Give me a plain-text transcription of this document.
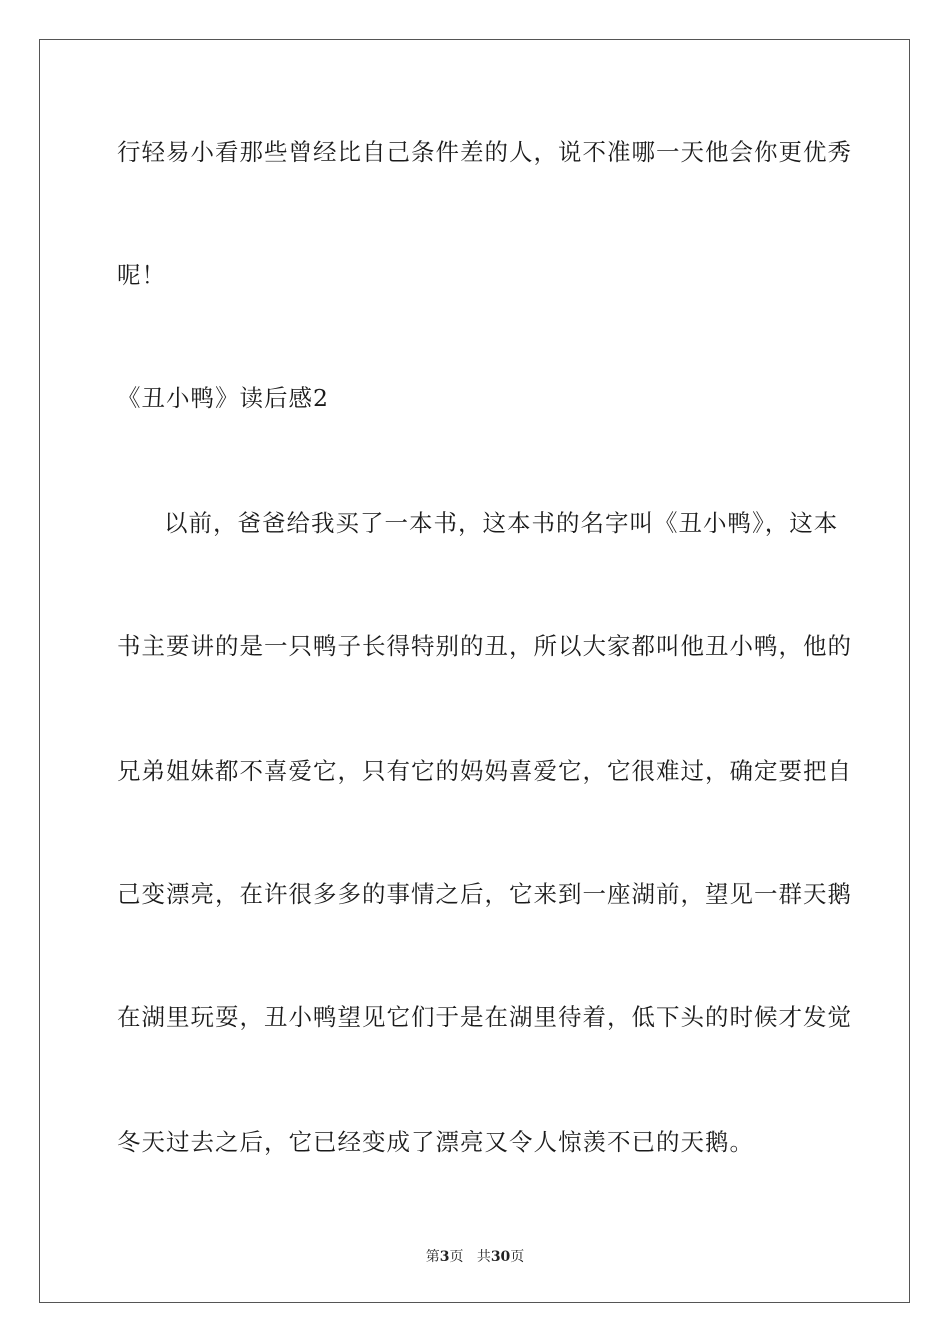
行轻易小看那些曾经比自己条件差的人，说不准哪一天他会你更优秀
呢！
《丑小鸭》读后感2
以前，爸爸给我买了一本书，这本书的名字叫《丑小鸭》，这本
书主要讲的是一只鸭子长得特别的丑，所以大家都叫他丑小鸭，他的
兄弟姐妹都不喜爱它，只有它的妈妈喜爱它，它很难过，确定要把自
己变漂亮，在许很多多的事情之后，它来到一座湖前，望见一群天鹅
在湖里玩耍，丑小鸭望见它们于是在湖里待着，低下头的时候才发觉
冬天过去之后，它已经变成了漂亮又令人惊羡不已的天鹅。
第3页 共30页
